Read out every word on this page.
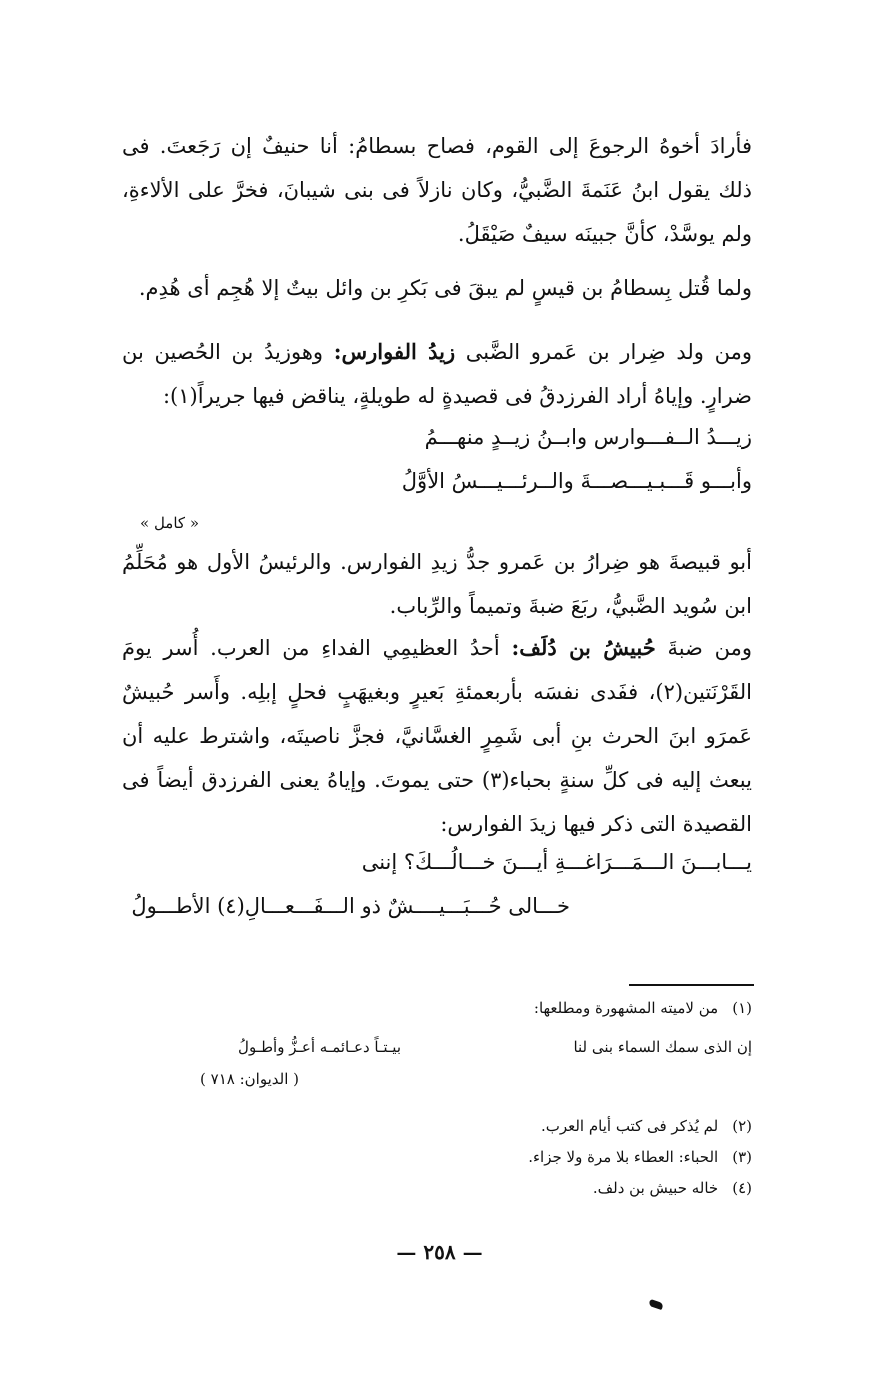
فأرادَ أخوهُ الرجوعَ إلى القوم، فصاح بسطامُ: أنا حنيفٌ إن رَجَعتَ. فى ذلك يقول ابنُ عَنَمةَ الضَّبيُّ، وكان نازلاً فى بنى شيبانَ، فخرَّ على الألاءةِ، ولم يوسَّدْ، كأنَّ جبينَه سيفٌ صَيْقَلُ.

ولما قُتل بِسطامُ بن قيسٍ لم يبقَ فى بَكرِ بن وائل بيتٌ إلا هُجِم أى هُدِم.

ومن ولد ضِرار بن عَمرو الضَّبى زيدُ الفوارس: وهوزيدُ بن الحُصين بن ضرارٍ. وإياهُ أراد الفرزدقُ فى قصيدةٍ له طويلةٍ، يناقض فيها جريراً(١):

زيـــدُ الــفـــوارس وابــنُ زيــدٍ منهـــمُ
وأبـــو قَـــبـيـــصـــةَ والــرئـــيـــسُ الأوَّلُ
« كامل »

أبو قبيصةَ هو ضِرارُ بن عَمرو جدُّ زيدِ الفوارس. والرئيسُ الأول هو مُحَلِّمُ ابن سُويد الضَّبيُّ، ربَعَ ضبةَ وتميماً والرِّباب.

ومن ضبةَ حُبيشُ بن دُلَف: أحدُ العظيمِي الفداءِ من العرب. أُسر يومَ القَرْنَتين(٢)، ففَدى نفسَه بأربعمئةِ بَعيرٍ وبغيهَبٍ فحلٍ إبلِه. وأَسر حُبيشٌ عَمرَو ابنَ الحرث بنِ أبى شَمِرٍ الغسَّانيَّ، فجزَّ ناصيتَه، واشترط عليه أن يبعث إليه فى كلِّ سنةٍ بحباء(٣) حتى يموتَ. وإياهُ يعنى الفرزدق أيضاً فى القصيدة التى ذكر فيها زيدَ الفوارس:

يـــابـــنَ الـــمَـــرَاغـــةِ أيـــنَ خـــالُـــكَ؟ إننى
خـــالى حُـــبَـــيــــشٌ ذو الـــفَـــعـــالِ(٤) الأطـــولُ
(١)من لاميته المشهورة ومطلعها:
إن الذى سمك السماء بنى لنا
بيـتـاً دعـائمـه أعـزُّ وأطـولُ
( الديوان: ٧١٨ )
(٢)لم يُذكر فى كتب أيام العرب.
(٣)الحباء: العطاء بلا مرة ولا جزاء.
(٤)خاله حبيش بن دلف.
— ٢٥٨ —
